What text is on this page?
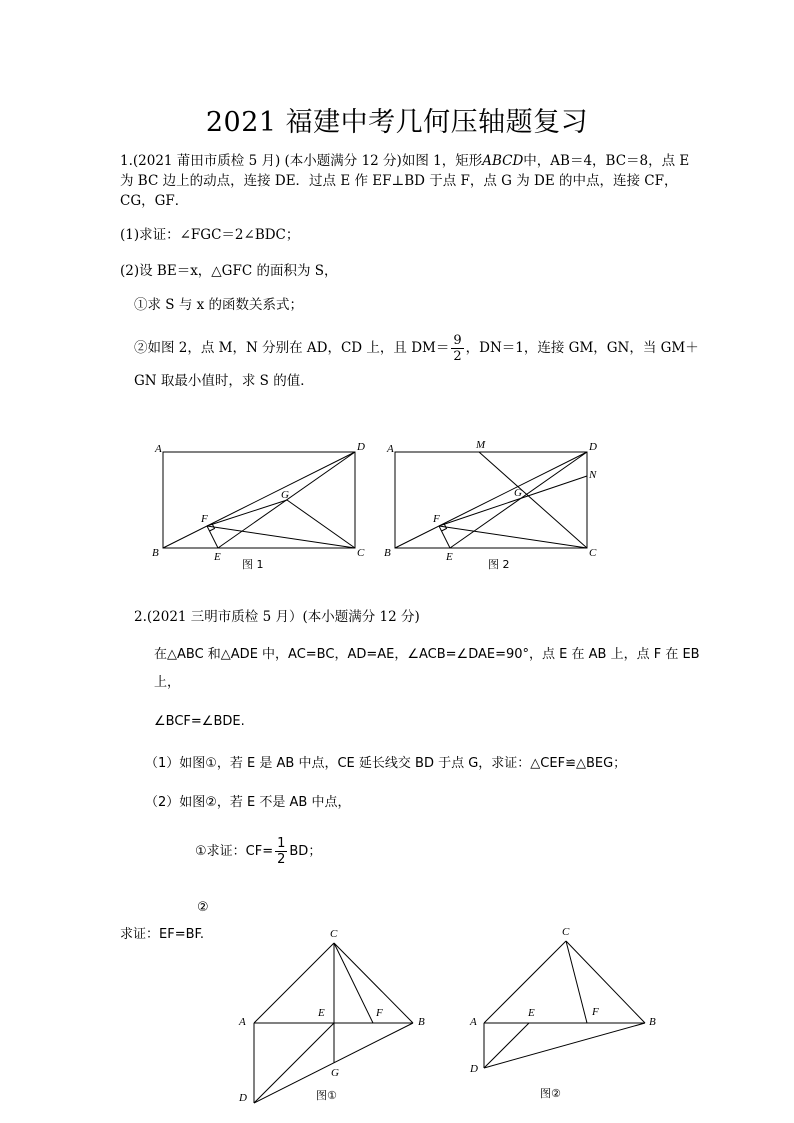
2021 福建中考几何压轴题复习
1.(2021 莆田市质检 5 月) (本小题满分 12 分)如图 1，矩形ABCD中，AB＝4，BC＝8，点 E
为 BC 边上的动点，连接 DE．过点 E 作 EF⊥BD 于点 F，点 G 为 DE 的中点，连接 CF，
CG，GF．
(1)求证：∠FGC＝2∠BDC；
(2)设 BE＝x，△GFC 的面积为 S，
①求 S 与 x 的函数关系式；
②如图 2，点 M，N 分别在 AD，CD 上，且 $DM= \frac{9}{2}$ ，DN＝1，连接 GM，GN，当 GM＋
GN 取最小值时，求 S 的值．
A	D
B	C
E
F
G
图 1
A	M	D
N
B	C
E
F
G
图 2
2.(2021 三明市质检 5 月）(本小题满分 12 分)
在△ABC 和△ADE 中，AC=BC，AD=AE，∠ACB=∠DAE=90°，点 E 在 AB 上，点 F 在 EB
上，
∠BCF=∠BDE.
（1）如图①，若 E 是 AB 中点，CE 延长线交 BD 于点 G，求证：△CEF≌△BEG；
（2）如图②，若 E 不是 AB 中点，
①求证：$CF= \frac{1}{2}$ BD；
②
求证：EF=BF.	C
A	B
E	F
G
D	图①
C
A	B
E	F
D
图②
